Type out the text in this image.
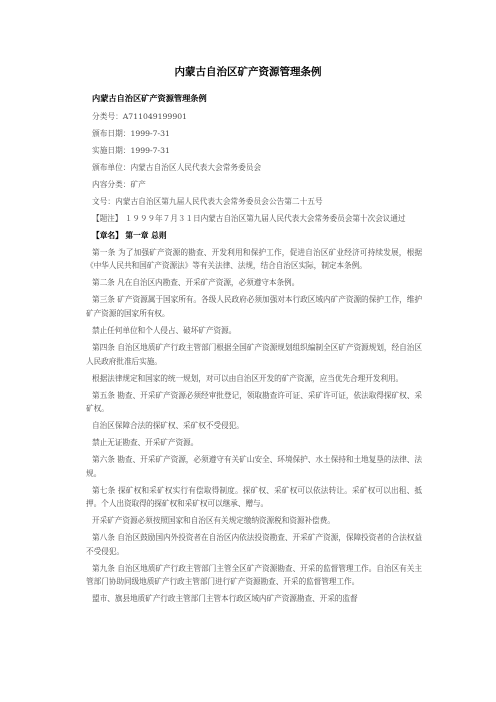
内蒙古自治区矿产资源管理条例
内蒙古自治区矿产资源管理条例
分类号：A711049199901
颁布日期：1999-7-31
实施日期：1999-7-31
颁布单位：内蒙古自治区人民代表大会常务委员会
内容分类：矿产
文号：内蒙古自治区第九届人民代表大会常务委员会公告第二十五号
【题注】 １９９９年７月３１日内蒙古自治区第九届人民代表大会常务委员会第十次会议通过
【章名】 第一章 总则
第一条 为了加强矿产资源的勘查、开发利用和保护工作，促进自治区矿业经济可持续发展，根据《中华人民共和国矿产资源法》等有关法律、法规，结合自治区实际，制定本条例。
第二条 凡在自治区内勘查、开采矿产资源，必须遵守本条例。
第三条 矿产资源属于国家所有。各级人民政府必须加强对本行政区域内矿产资源的保护工作，维护矿产资源的国家所有权。
禁止任何单位和个人侵占、破坏矿产资源。
第四条 自治区地质矿产行政主管部门根据全国矿产资源规划组织编制全区矿产资源规划，经自治区人民政府批准后实施。
根据法律规定和国家的统一规划，对可以由自治区开发的矿产资源，应当优先合理开发利用。
第五条 勘查、开采矿产资源必须经审批登记，领取勘查许可证、采矿许可证，依法取得探矿权、采矿权。
自治区保障合法的探矿权、采矿权不受侵犯。
禁止无证勘查、开采矿产资源。
第六条 勘查、开采矿产资源，必须遵守有关矿山安全、环境保护、水土保持和土地复垦的法律、法规。
第七条 探矿权和采矿权实行有偿取得制度。探矿权、采矿权可以依法转让。采矿权可以出租、抵押。个人出资取得的探矿权和采矿权可以继承、赠与。
开采矿产资源必须按照国家和自治区有关规定缴纳资源税和资源补偿费。
第八条 自治区鼓励国内外投资者在自治区内依法投资勘查、开采矿产资源，保障投资者的合法权益不受侵犯。
第九条 自治区地质矿产行政主管部门主管全区矿产资源勘查、开采的监督管理工作。自治区有关主管部门协助同级地质矿产行政主管部门进行矿产资源勘查、开采的监督管理工作。
盟市、旗县地质矿产行政主管部门主管本行政区域内矿产资源勘查、开采的监督
